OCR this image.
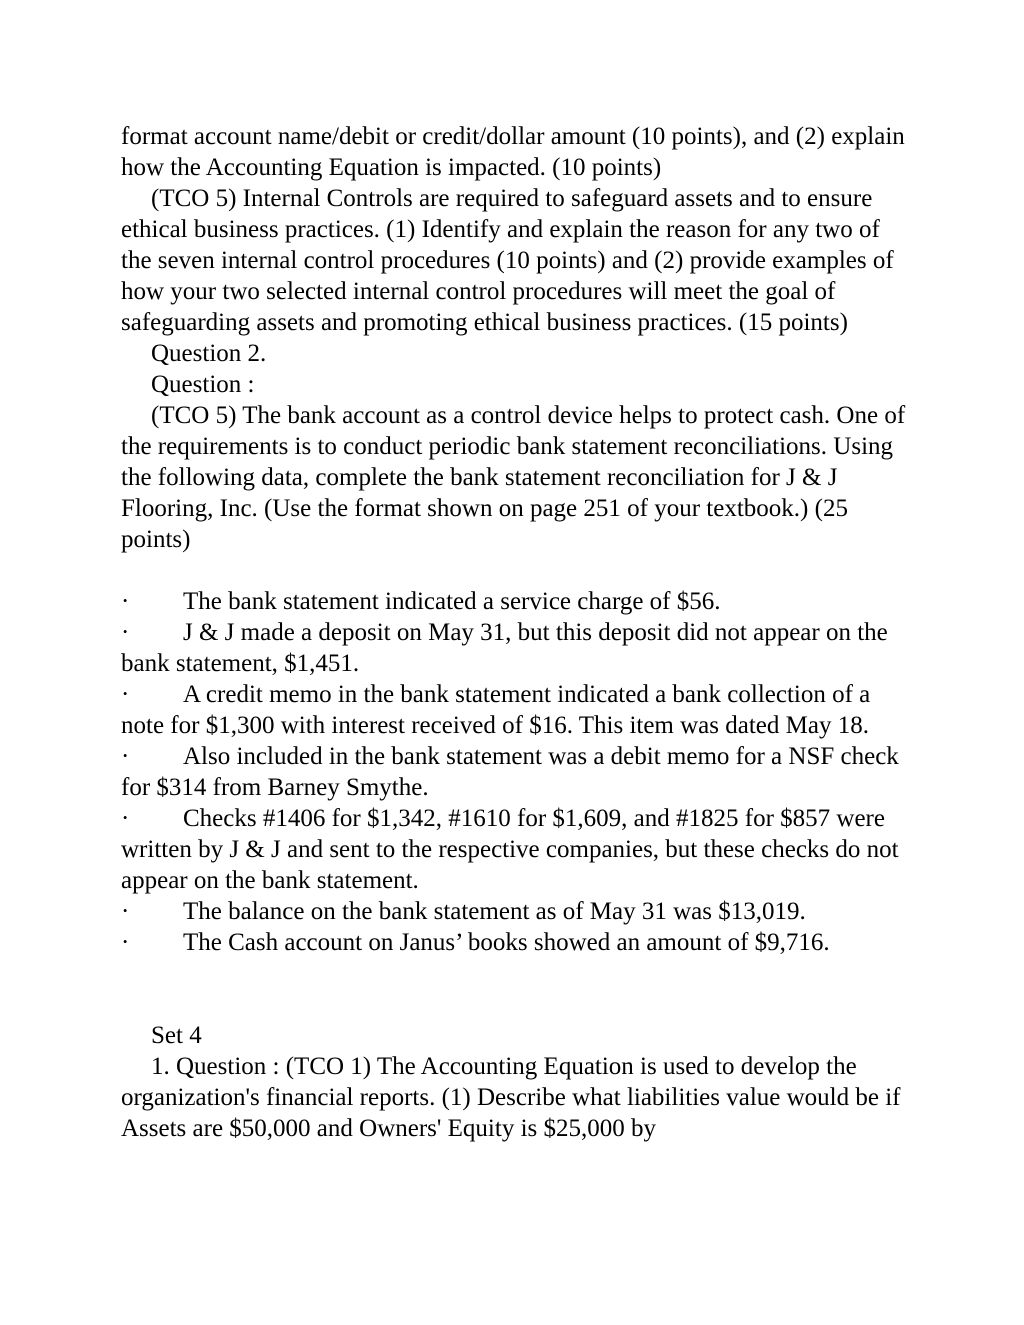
format account name/debit or credit/dollar amount (10 points), and (2) explain how the Accounting Equation is impacted. (10 points)

(TCO 5) Internal Controls are required to safeguard assets and to ensure ethical business practices. (1) Identify and explain the reason for any two of the seven internal control procedures (10 points) and (2) provide examples of how your two selected internal control procedures will meet the goal of safeguarding assets and promoting ethical business practices. (15 points)

Question 2.

Question :

(TCO 5) The bank account as a control device helps to protect cash. One of the requirements is to conduct periodic bank statement reconciliations. Using the following data, complete the bank statement reconciliation for J & J Flooring, Inc. (Use the format shown on page 251 of your textbook.) (25 points)

· The bank statement indicated a service charge of $56.

· J & J made a deposit on May 31, but this deposit did not appear on the bank statement, $1,451.

· A credit memo in the bank statement indicated a bank collection of a note for $1,300 with interest received of $16. This item was dated May 18.

· Also included in the bank statement was a debit memo for a NSF check for $314 from Barney Smythe.

· Checks #1406 for $1,342, #1610 for $1,609, and #1825 for $857 were written by J & J and sent to the respective companies, but these checks do not appear on the bank statement.

· The balance on the bank statement as of May 31 was $13,019.

· The Cash account on Janus’ books showed an amount of $9,716.

Set 4

1. Question : (TCO 1) The Accounting Equation is used to develop the organization's financial reports. (1) Describe what liabilities value would be if Assets are $50,000 and Owners' Equity is $25,000 by
